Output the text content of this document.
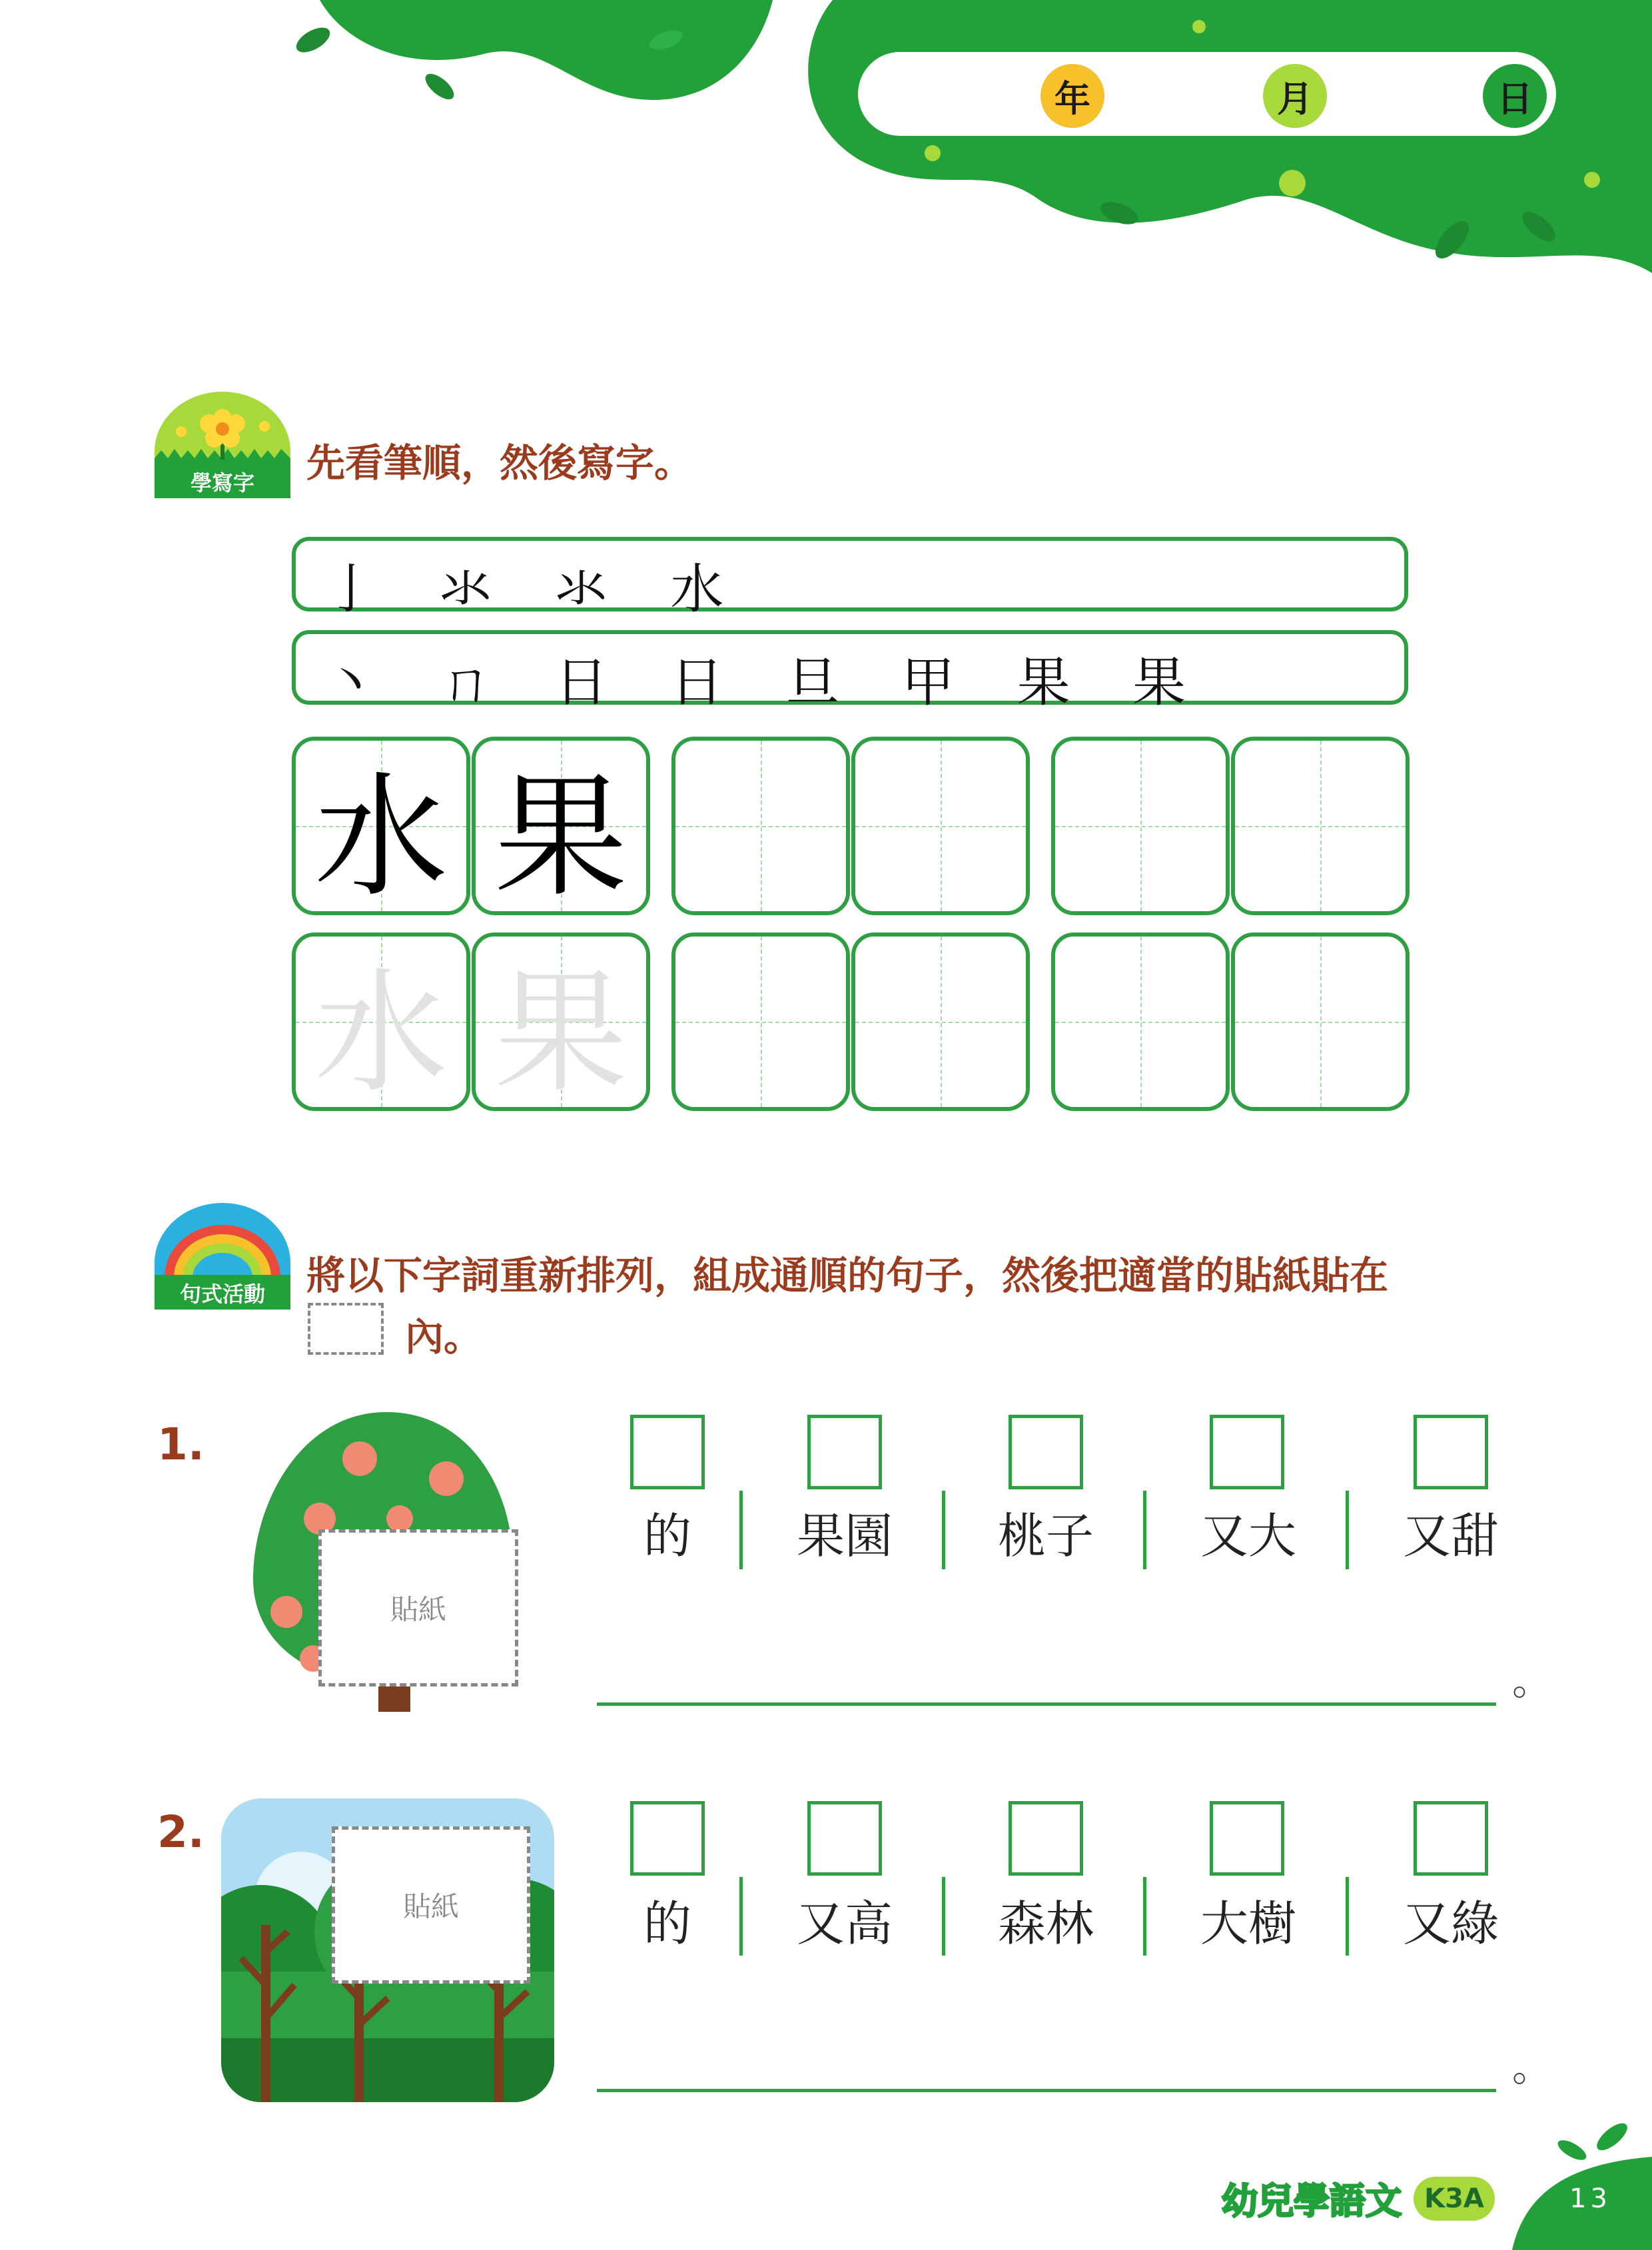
年	月	日
學寫字	先看筆順，然後寫字。
亅 氺 氺 水
丶 ㄇ 日 日 旦 甲 果 果
水 果
水 果
句式活動	將以下字詞重新排列，組成通順的句子，然後把適當的貼紙貼在
內。
1.
貼紙
的	果園	桃子	又大	又甜
。
2.
貼紙	的	又高	森林	大樹	又綠
。
幼兒學語文 K3A	13
